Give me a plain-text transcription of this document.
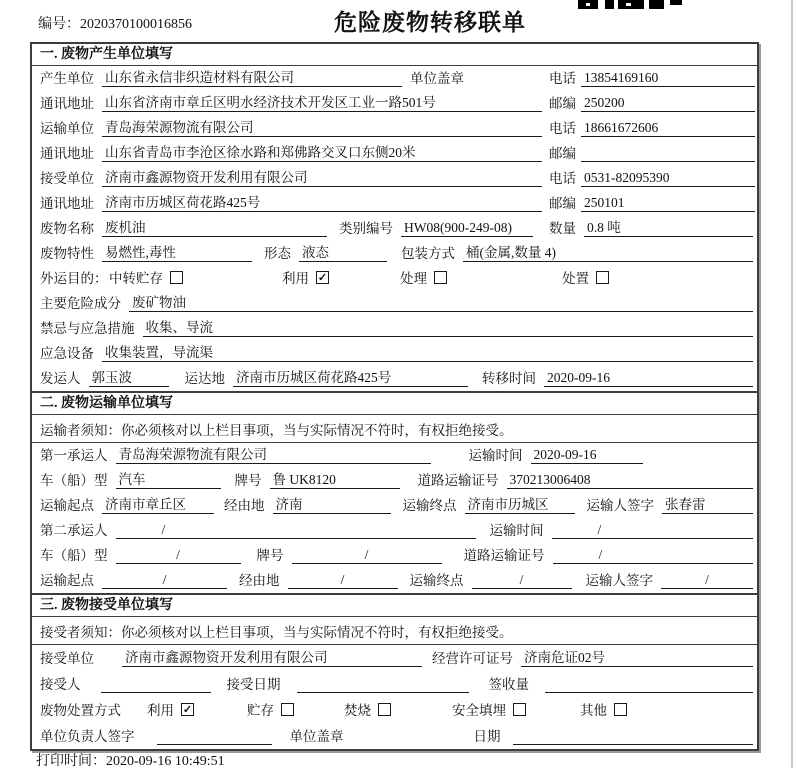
编号：2020370100016856	危险废物转移联单
一. 废物产生单位填写
产生单位 山东省永信非织造材料有限公司	单位盖章	电话 13854169160
通讯地址 山东省济南市章丘区明水经济技术开发区工业一路501号	邮编 250200
运输单位 青岛海荣源物流有限公司	电话 18661672606
通讯地址 山东省青岛市李沧区徐水路和郑佛路交叉口东侧20米	邮编
接受单位 济南市鑫源物资开发利用有限公司	电话 0531-82095390
通讯地址 济南市历城区荷花路425号	邮编 250101
废物名称 废机油	类别编号 HW08(900-249-08)	数量 0.8 吨
废物特性 易燃性,毒性	形态 液态	包装方式 桶(金属,数量 4)
外运目的： 中转贮存	利用 ✓	处理	处置
主要危险成分 废矿物油
禁忌与应急措施 收集、导流
应急设备 收集装置，导流渠
发运人 郭玉波	运达地 济南市历城区荷花路425号	转移时间 2020-09-16
二. 废物运输单位填写
运输者须知：你必须核对以上栏目事项，当与实际情况不符时，有权拒绝接受。
第一承运人 青岛海荣源物流有限公司	运输时间 2020-09-16
车（船）型 汽车	牌号 鲁 UK8120	道路运输证号 370213006408
运输起点 济南市章丘区	经由地 济南	运输终点 济南市历城区	运输人签字 张春雷
第二承运人	/	运输时间	/
车（船）型	/	牌号	/	道路运输证号	/
运输起点	/	经由地	/	运输终点	/	运输人签字	/
三. 废物接受单位填写
接受者须知：你必须核对以上栏目事项，当与实际情况不符时，有权拒绝接受。
接受单位 济南市鑫源物资开发利用有限公司	经营许可证号 济南危证02号
接受人	接受日期	签收量
废物处置方式 利用 ✓	贮存	焚烧	安全填埋	其他
单位负责人签字	单位盖章	日期
打印时间：2020-09-16 10:49:51
